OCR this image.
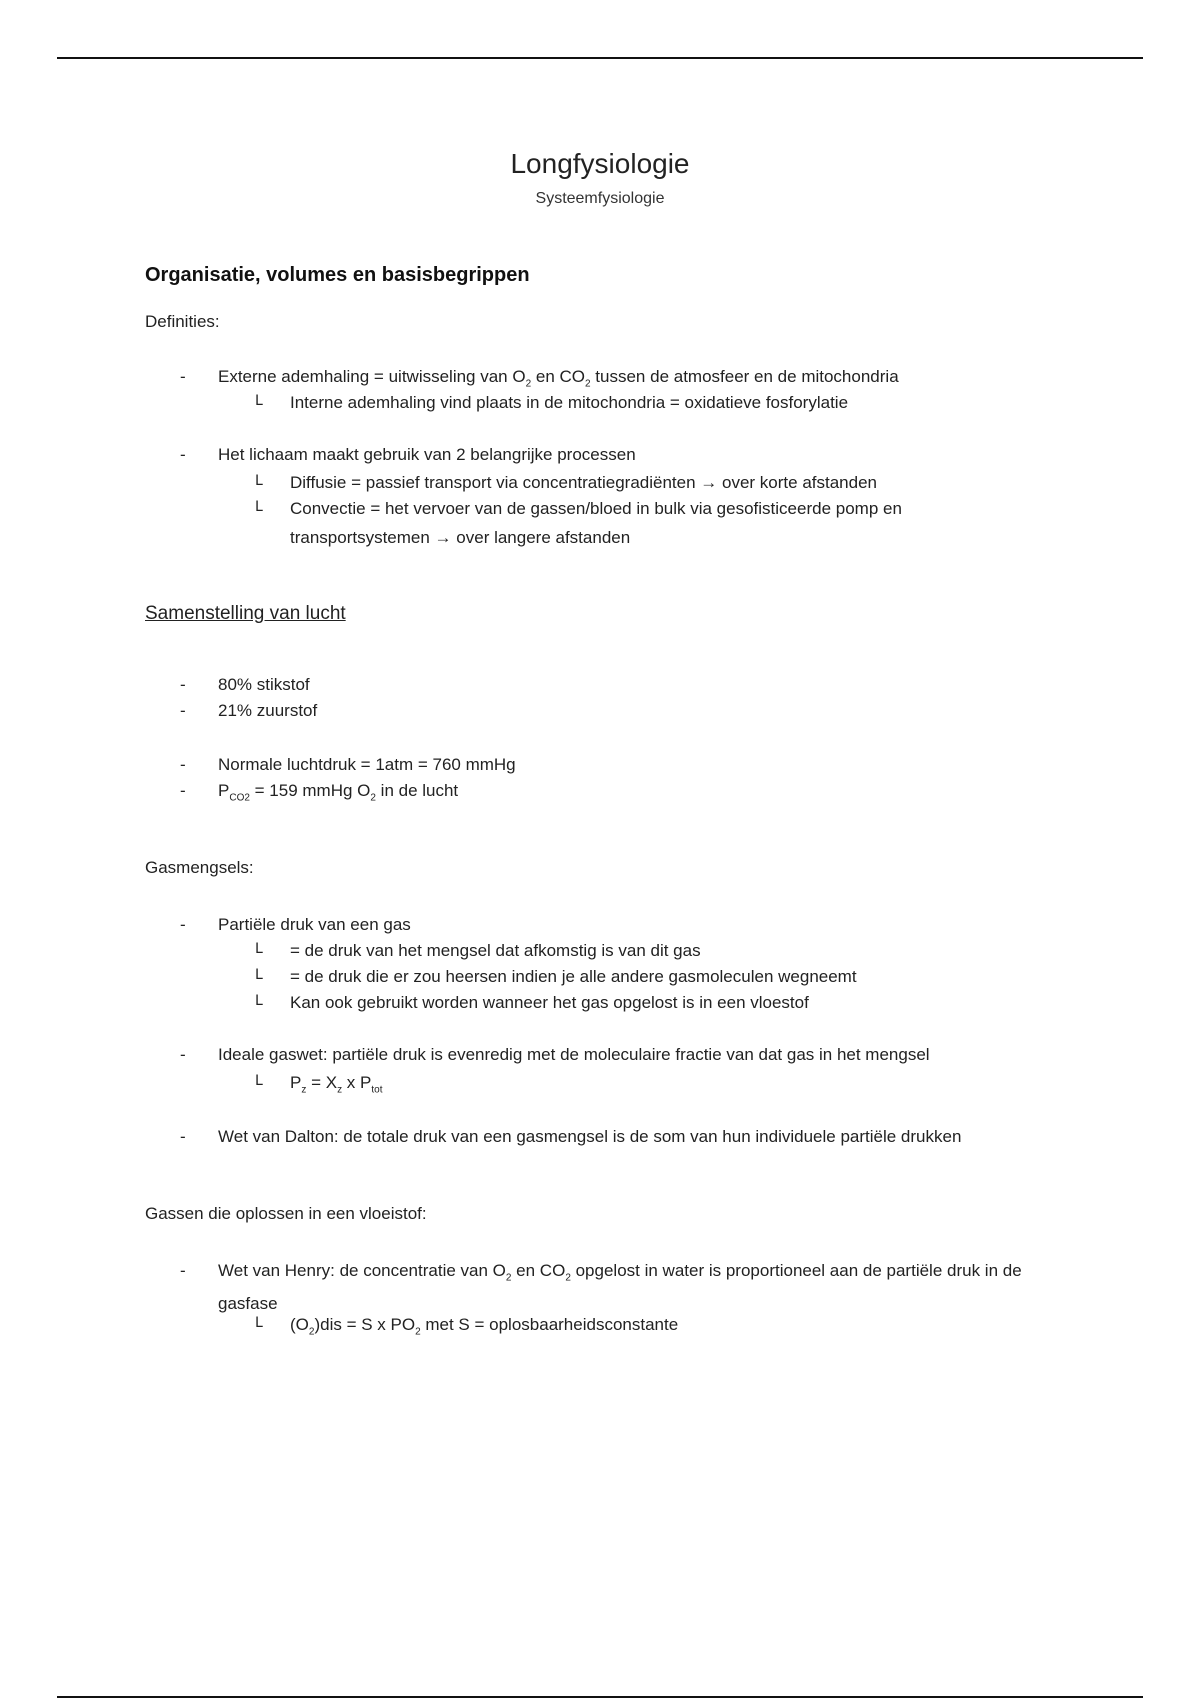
Longfysiologie
Systeemfysiologie
Organisatie, volumes en basisbegrippen
Definities:
- Externe ademhaling = uitwisseling van $O_2$ en $CO_2$ tussen de atmosfeer en de mitochondria
ᒪ Interne ademhaling vind plaats in de mitochondria = oxidatieve fosforylatie
- Het lichaam maakt gebruik van 2 belangrijke processen
ᒪ Diffusie = passief transport via concentratiegradiënten → over korte afstanden
ᒪ Convectie = het vervoer van de gassen/bloed in bulk via gesofisticeerde pomp en transportsystemen → over langere afstanden
Samenstelling van lucht
- 80% stikstof
- 21% zuurstof
- Normale luchtdruk = 1atm = 760 mmHg
- $P_{CO2} = 159$ mmHg $O_2$ in de lucht
Gasmengsels:
- Partiële druk van een gas
ᒪ = de druk van het mengsel dat afkomstig is van dit gas
ᒪ = de druk die er zou heersen indien je alle andere gasmoleculen wegneemt
ᒪ Kan ook gebruikt worden wanneer het gas opgelost is in een vloestof
- Ideale gaswet: partiële druk is evenredig met de moleculaire fractie van dat gas in het mengsel
ᒪ $P_z = X_z$ x $P_{tot}$
- Wet van Dalton: de totale druk van een gasmengsel is de som van hun individuele partiële drukken
Gassen die oplossen in een vloeistof:
- Wet van Henry: de concentratie van $O_2$ en $CO_2$ opgelost in water is proportioneel aan de partiële druk in de gasfase
ᒪ $(O_2)dis = S$ x $PO_2$ met S = oplosbaarheidsconstante
